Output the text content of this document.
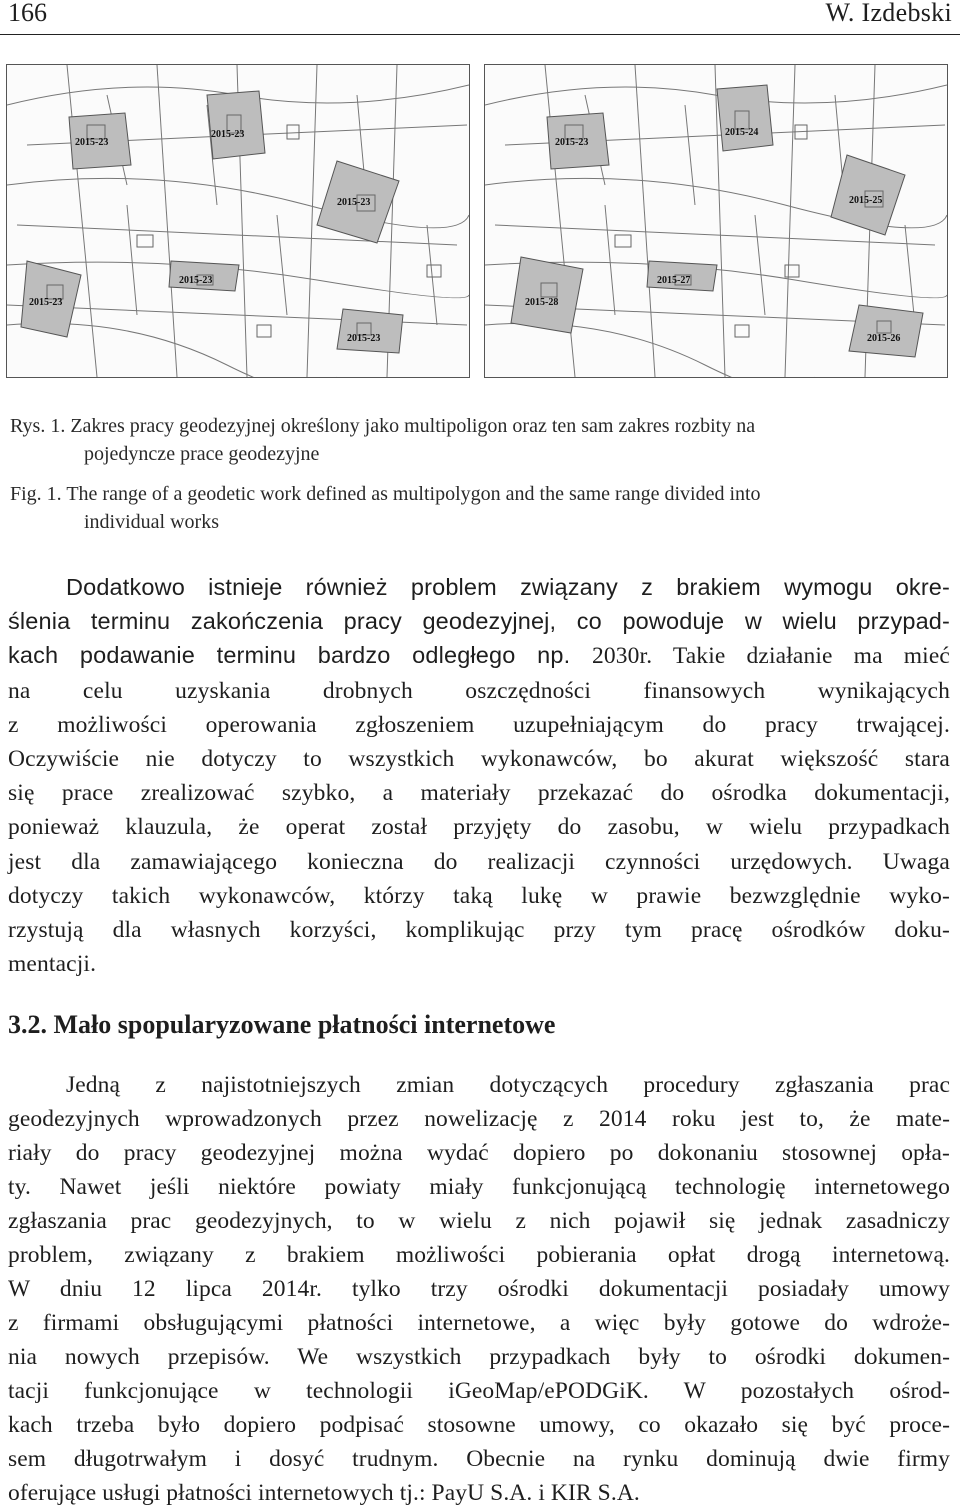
166	W. Izdebski
2015-23
2015-23
2015-23
2015-23
2015-23
2015-23
2015-23
2015-24
2015-25
2015-27
2015-28
2015-26
Rys. 1. Zakres pracy geodezyjnej określony jako multipoligon oraz ten sam zakres rozbity na
pojedyncze prace geodezyjne
Fig. 1. The range of a geodetic work defined as multipolygon and the same range divided into
individual works
Dodatkowo istnieje również problem związany z brakiem wymogu okre-
ślenia terminu zakończenia pracy geodezyjnej, co powoduje w wielu przypad-
kach podawanie terminu bardzo odległego np. 2030r. Takie działanie ma mieć
na celu uzyskania drobnych oszczędności finansowych wynikających
z możliwości operowania zgłoszeniem uzupełniającym do pracy trwającej.
Oczywiście nie dotyczy to wszystkich wykonawców, bo akurat większość stara
się prace zrealizować szybko, a materiały przekazać do ośrodka dokumentacji,
ponieważ klauzula, że operat został przyjęty do zasobu, w wielu przypadkach
jest dla zamawiającego konieczna do realizacji czynności urzędowych. Uwaga
dotyczy takich wykonawców, którzy taką lukę w prawie bezwzględnie wyko-
rzystują dla własnych korzyści, komplikując przy tym pracę ośrodków doku-
mentacji.
3.2. Mało spopularyzowane płatności internetowe
Jedną z najistotniejszych zmian dotyczących procedury zgłaszania prac
geodezyjnych wprowadzonych przez nowelizację z 2014 roku jest to, że mate-
riały do pracy geodezyjnej można wydać dopiero po dokonaniu stosownej opła-
ty. Nawet jeśli niektóre powiaty miały funkcjonującą technologię internetowego
zgłaszania prac geodezyjnych, to w wielu z nich pojawił się jednak zasadniczy
problem, związany z brakiem możliwości pobierania opłat drogą internetową.
W dniu 12 lipca 2014r. tylko trzy ośrodki dokumentacji posiadały umowy
z firmami obsługującymi płatności internetowe, a więc były gotowe do wdroże-
nia nowych przepisów. We wszystkich przypadkach były to ośrodki dokumen-
tacji funkcjonujące w technologii iGeoMap/ePODGiK. W pozostałych ośrod-
kach trzeba było dopiero podpisać stosowne umowy, co okazało się być proce-
sem długotrwałym i dosyć trudnym. Obecnie na rynku dominują dwie firmy
oferujące usługi płatności internetowych tj.: PayU S.A. i KIR S.A.
